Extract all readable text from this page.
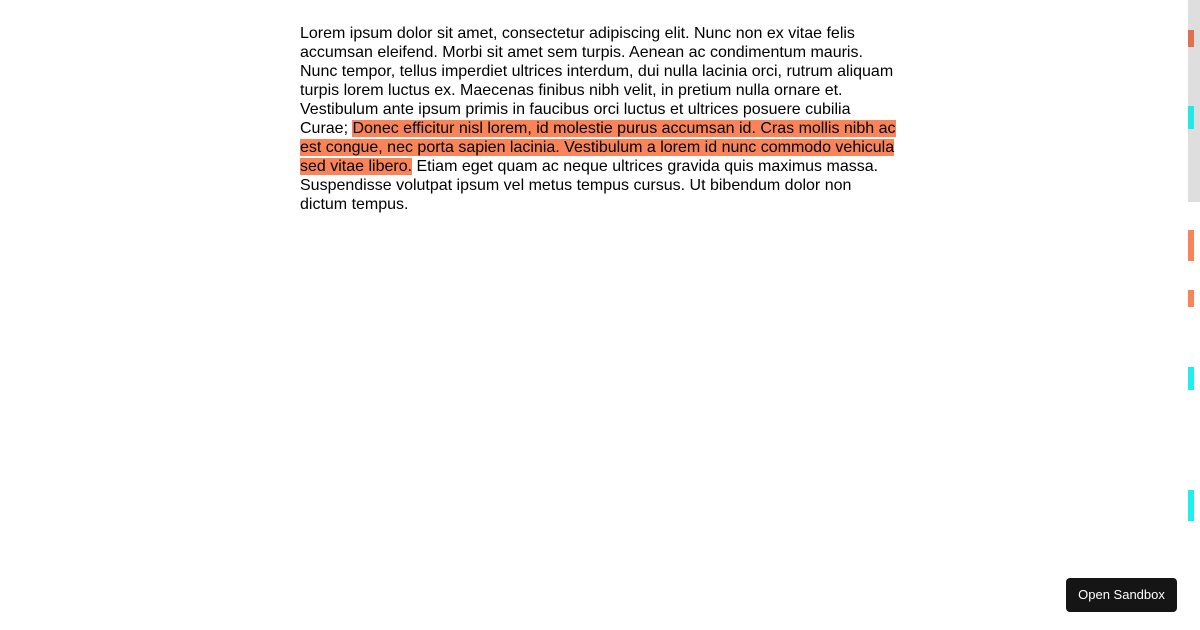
Lorem ipsum dolor sit amet, consectetur adipiscing elit. Nunc non ex vitae felis accumsan eleifend. Morbi sit amet sem turpis. Aenean ac condimentum mauris. Nunc tempor, tellus imperdiet ultrices interdum, dui nulla lacinia orci, rutrum aliquam turpis lorem luctus ex. Maecenas finibus nibh velit, in pretium nulla ornare et. Vestibulum ante ipsum primis in faucibus orci luctus et ultrices posuere cubilia Curae; Donec efficitur nisl lorem, id molestie purus accumsan id. Cras mollis nibh ac est congue, nec porta sapien lacinia. Vestibulum a lorem id nunc commodo vehicula sed vitae libero. Etiam eget quam ac neque ultrices gravida quis maximus massa. Suspendisse volutpat ipsum vel metus tempus cursus. Ut bibendum dolor non dictum tempus.
Open Sandbox
